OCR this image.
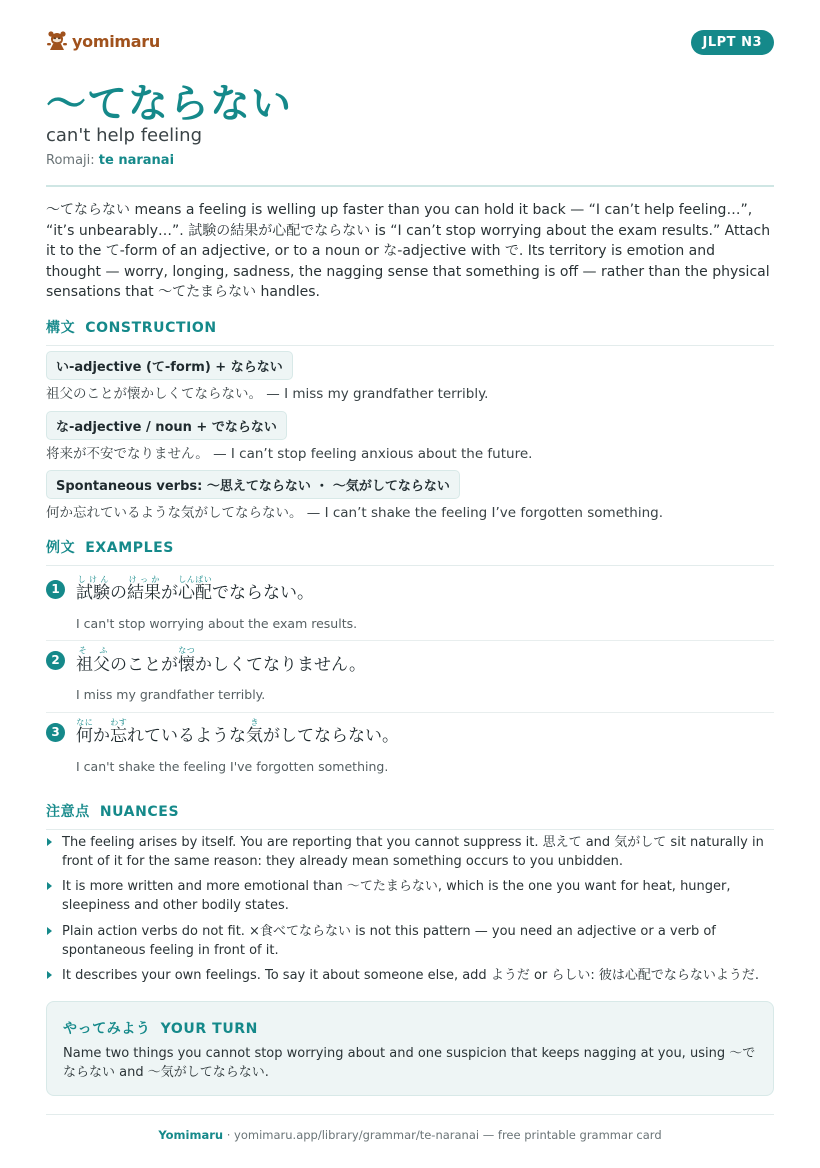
yomimaru	JLPT N3
〜てならない
can't help feeling
Romaji: te naranai

〜てならない means a feeling is welling up faster than you can hold it back — “I can’t help feeling…”, “it’s unbearably…”. 試験の結果が心配でならない is “I can’t stop worrying about the exam results.” Attach it to the て-form of an adjective, or to a noun or な-adjective with で. Its territory is emotion and thought — worry, longing, sadness, the nagging sense that something is off — rather than the physical sensations that 〜てたまらない handles.

構文 CONSTRUCTION
い-adjective (て-form) + ならない
祖父のことが懐かしくてならない。 — I miss my grandfather terribly.
な-adjective / noun + でならない
将来が不安でなりません。 — I can’t stop feeling anxious about the future.
Spontaneous verbs: 〜思えてならない ・ 〜気がしてならない
何か忘れているような気がしてならない。 — I can’t shake the feeling I’ve forgotten something.
例文 EXAMPLES
1 試験しけんの結果けっかが心配しんぱいでならない。
I can't stop worrying about the exam results.
2 祖父そ ふのことが懐なつかしくてなりません。
I miss my grandfather terribly.
3 何なにか忘わすれているような気きがしてならない。
I can't shake the feeling I've forgotten something.
注意点 NUANCES
The feeling arises by itself. You are reporting that you cannot suppress it. 思えて and 気がして sit naturally in front of it for the same reason: they already mean something occurs to you unbidden.
It is more written and more emotional than 〜てたまらない, which is the one you want for heat, hunger, sleepiness and other bodily states.
Plain action verbs do not fit. ×食べてならない is not this pattern — you need an adjective or a verb of spontaneous feeling in front of it.
It describes your own feelings. To say it about someone else, add ようだ or らしい: 彼は心配でならないようだ.
やってみよう YOUR TURN
Name two things you cannot stop worrying about and one suspicion that keeps nagging at you, using 〜でならない and 〜気がしてならない.
Yomimaru · yomimaru.app/library/grammar/te-naranai — free printable grammar card
